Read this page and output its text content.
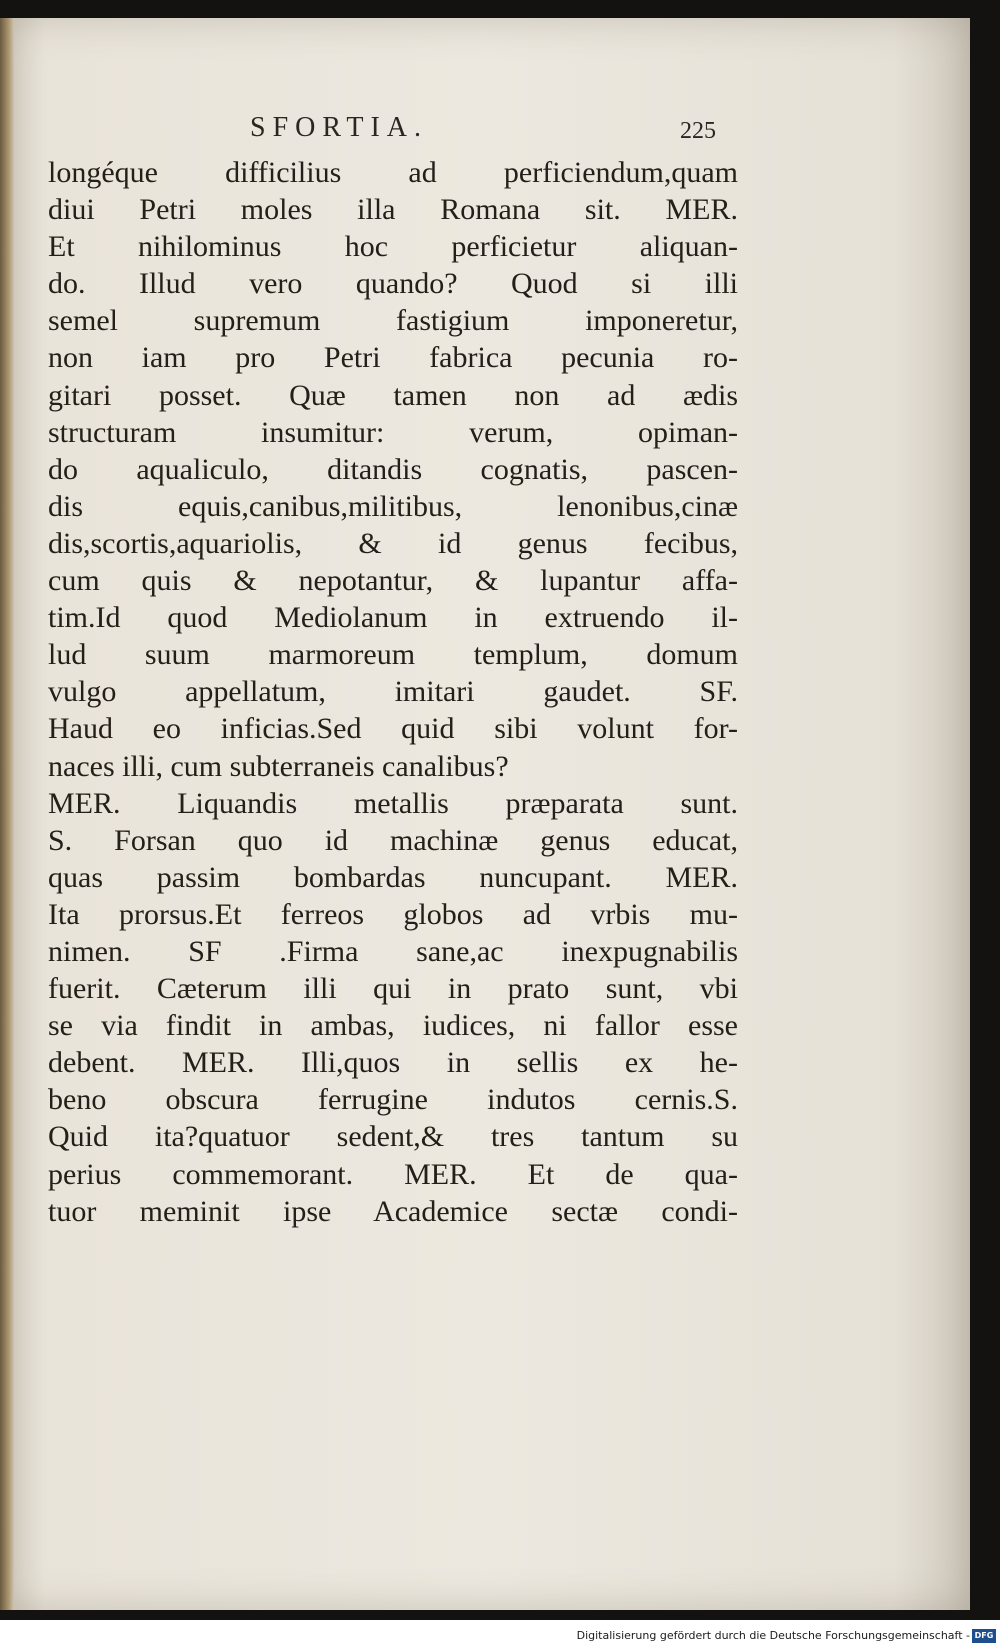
SFORTIA.	225
longéque difficilius ad perficiendum,quam
diui Petri moles illa Romana sit. MER.
Et nihilominus hoc perficietur aliquan-
do. Illud vero quando? Quod si illi
semel supremum fastigium imponeretur,
non iam pro Petri fabrica pecunia ro-
gitari posset. Quæ tamen non ad ædis
structuram insumitur: verum, opiman-
do aqualiculo, ditandis cognatis, pascen-
dis equis,canibus,militibus, lenonibus,cinæ
dis,scortis,aquariolis, & id genus fecibus,
cum quis & nepotantur, & lupantur affa-
tim.Id quod Mediolanum in extruendo il-
lud suum marmoreum templum, domum
vulgo appellatum, imitari gaudet. SF.
Haud eo inficias.Sed quid sibi volunt for-
naces illi, cum subterraneis canalibus?
MER. Liquandis metallis præparata sunt.
S. Forsan quo id machinæ genus educat,
quas passim bombardas nuncupant. MER.
Ita prorsus.Et ferreos globos ad vrbis mu-
nimen. SF .Firma sane,ac inexpugnabilis
fuerit. Cæterum illi qui in prato sunt, vbi
se via findit in ambas, iudices, ni fallor esse
debent. MER. Illi,quos in sellis ex he-
beno obscura ferrugine indutos cernis.S.
Quid ita?quatuor sedent,& tres tantum su
perius commemorant. MER. Et de qua-
tuor meminit ipse Academice sectæ condi-
Digitalisierung gefördert durch die Deutsche Forschungsgemeinschaft - DFG
